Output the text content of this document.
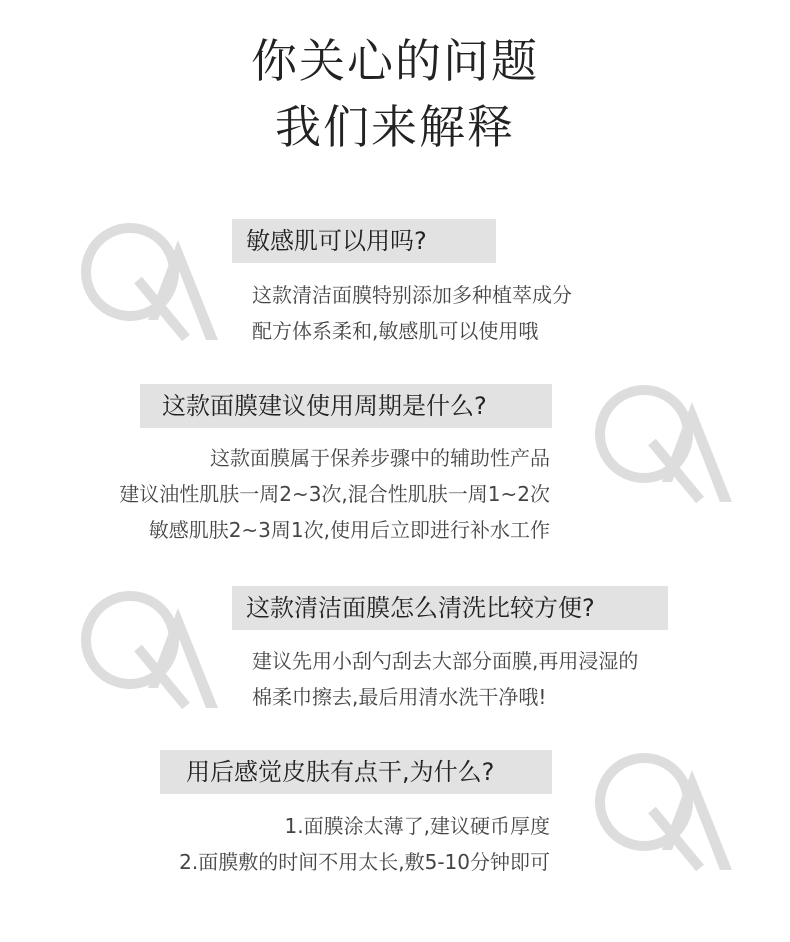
你关心的问题
我们来解释
敏感肌可以用吗?
这款清洁面膜特别添加多种植萃成分
配方体系柔和,敏感肌可以使用哦
这款面膜建议使用周期是什么?
这款面膜属于保养步骤中的辅助性产品
建议油性肌肤一周2~3次,混合性肌肤一周1~2次
敏感肌肤2~3周1次,使用后立即进行补水工作
这款清洁面膜怎么清洗比较方便?
建议先用小刮勺刮去大部分面膜,再用浸湿的
棉柔巾擦去,最后用清水洗干净哦!
用后感觉皮肤有点干,为什么?
1.面膜涂太薄了,建议硬币厚度
2.面膜敷的时间不用太长,敷5-10分钟即可
